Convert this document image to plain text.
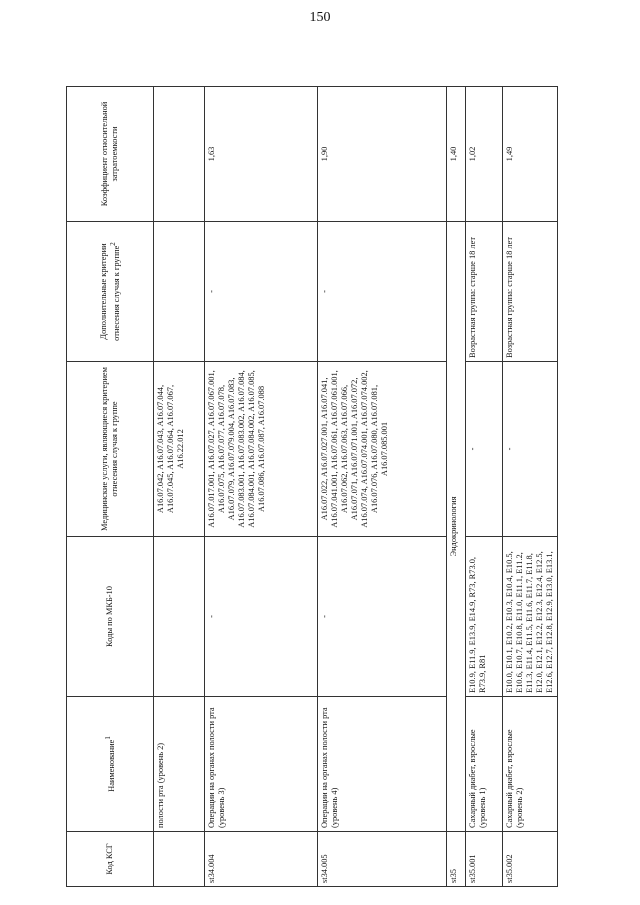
150
Код КСГ	Наименование$^1$	Коды по МКБ-10	Медицинские услуги, являющиеся критерием отнесения случая к группе	Дополнительные критерии отнесения случая к группе$^2$	Коэффициент относительной затратоемкости
	полости рта (уровень 2)		A16.07.042, A16.07.043, A16.07.044, A16.07.045, A16.07.064, A16.07.067, A16.22.012		
st34.004	Операции на органах полости рта (уровень 3)	-	A16.07.017.001, A16.07.027, A16.07.067.001, A16.07.075, A16.07.077, A16.07.078, A16.07.079, A16.07.079.004, A16.07.083, A16.07.083.001, A16.07.083.002, A16.07.084, A16.07.084.001, A16.07.084.002, A16.07.085, A16.07.086, A16.07.087, A16.07.088	-	1,63
st34.005	Операции на органах полости рта (уровень 4)	-	A16.07.022, A16.07.027.001, A16.07.041, A16.07.041.001, A16.07.061, A16.07.061.001, A16.07.062, A16.07.063, A16.07.066, A16.07.071, A16.07.071.001, A16.07.072, A16.07.074, A16.07.074.001, A16.07.074.002, A16.07.076, A16.07.080, A16.07.081, A16.07.085.001	-	1,90
st35	Эндокринология				1,40
st35.001	Сахарный диабет, взрослые (уровень 1)	E10.9, E11.9, E13.9, E14.9, R73, R73.0, R73.9, R81	-	Возрастная группа: старше 18 лет	1,02
st35.002	Сахарный диабет, взрослые (уровень 2)	E10.0, E10.1, E10.2, E10.3, E10.4, E10.5, E10.6, E10.7, E10.8, E11.0, E11.1, E11.2, E11.3, E11.4, E11.5, E11.6, E11.7, E11.8, E12.0, E12.1, E12.2, E12.3, E12.4, E12.5, E12.6, E12.7, E12.8, E12.9, E13.0, E13.1,	-	Возрастная группа: старше 18 лет	1,49
